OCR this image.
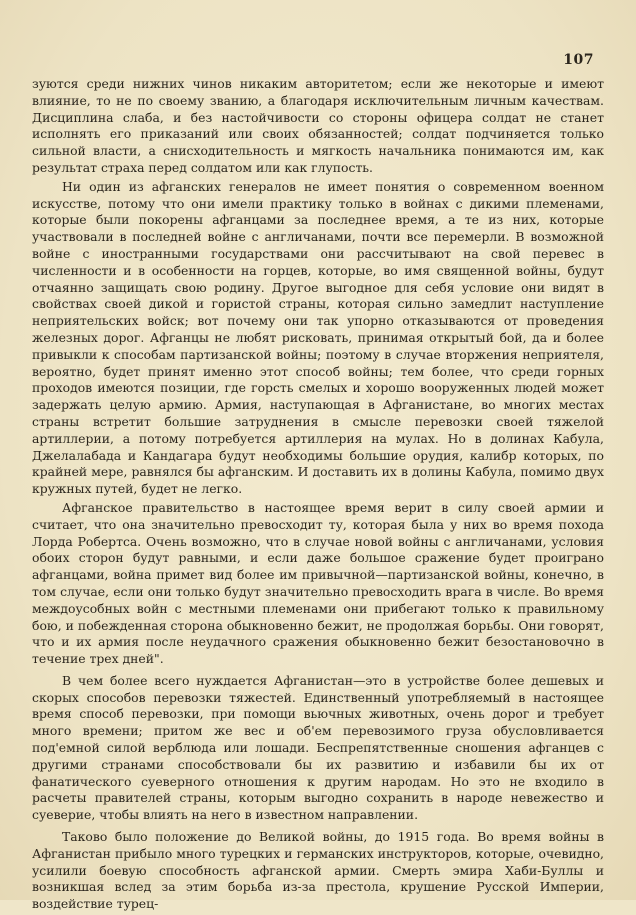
107

зуются среди нижних чинов никаким авторитетом; если же некоторые и имеют влияние, то не по своему званию, а благодаря исключительным личным качествам. Дисциплина слаба, и без настойчивости со стороны офицера солдат не станет исполнять его приказаний или своих обязанностей; солдат подчиняется только сильной власти, а снисходительность и мягкость начальника понимаются им, как результат страха перед солдатом или как глупость.

Ни один из афганских генералов не имеет понятия о современном военном искусстве, потому что они имели практику только в войнах с дикими племенами, которые были покорены афганцами за последнее время, а те из них, которые участвовали в последней войне с англичанами, почти все перемерли. В возможной войне с иностранными государствами они рассчитывают на свой перевес в численности и в особенности на горцев, которые, во имя священной войны, будут отчаянно защищать свою родину. Другое выгодное для себя условие они видят в свойствах своей дикой и гористой страны, которая сильно замедлит наступление неприятельских войск; вот почему они так упорно отказываются от проведения железных дорог. Афганцы не любят рисковать, принимая открытый бой, да и более привыкли к способам партизанской войны; поэтому в случае вторжения неприятеля, вероятно, будет принят именно этот способ войны; тем более, что среди горных проходов имеются позиции, где горсть смелых и хорошо вооруженных людей может задержать целую армию. Армия, наступающая в Афганистане, во многих местах страны встретит большие затруднения в смысле перевозки своей тяжелой артиллерии, а потому потребуется артиллерия на мулах. Но в долинах Кабула, Джелалабада и Кандагара будут необходимы большие орудия, калибр которых, по крайней мере, равнялся бы афганским. И доставить их в долины Кабула, помимо двух кружных путей, будет не легко.

Афганское правительство в настоящее время верит в силу своей армии и считает, что она значительно превосходит ту, которая была у них во время похода Лорда Робертса. Очень возможно, что в случае новой войны с англичанами, условия обоих сторон будут равными, и если даже большое сражение будет проиграно афганцами, война примет вид более им привычной—партизанской войны, конечно, в том случае, если они только будут значительно превосходить врага в числе. Во время междоусобных войн с местными племенами они прибегают только к правильному бою, и побежденная сторона обыкновенно бежит, не продолжая борьбы. Они говорят, что и их армия после неудачного сражения обыкновенно бежит безостановочно в течение трех дней".

В чем более всего нуждается Афганистан—это в устройстве более дешевых и скорых способов перевозки тяжестей. Единственный употребляемый в настоящее время способ перевозки, при помощи вьючных животных, очень дорог и требует много времени; притом же вес и об'ем перевозимого груза обусловливается под'емной силой верблюда или лошади. Беспрепятственные сношения афганцев с другими странами способствовали бы их развитию и избавили бы их от фанатического суеверного отношения к другим народам. Но это не входило в расчеты правителей страны, которым выгодно сохранить в народе невежество и суеверие, чтобы влиять на него в известном направлении.

Таково было положение до Великой войны, до 1915 года. Во время войны в Афганистан прибыло много турецких и германских инструкторов, которые, очевидно, усилили боевую способность афганской армии. Смерть эмира Хаби-Буллы и возникшая вслед за этим борьба из-за престола, крушение Русской Империи, воздействие турец-
